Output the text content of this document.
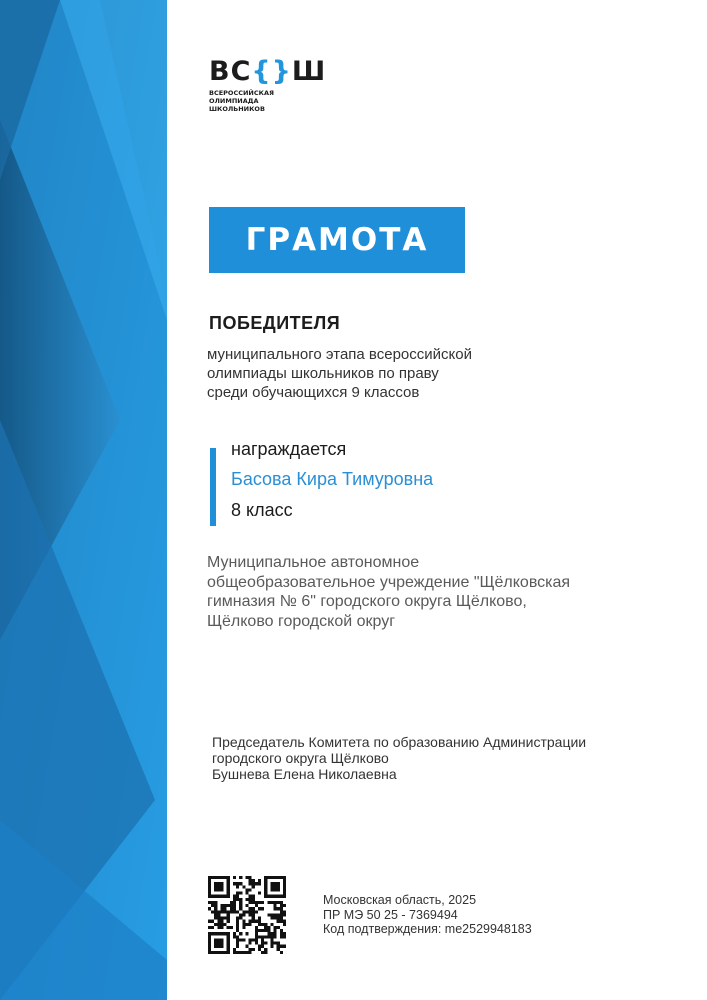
ВС{}Ш
ВСЕРОССИЙСКАЯ
ОЛИМПИАДА
ШКОЛЬНИКОВ
ГРАМОТА
ПОБЕДИТЕЛЯ
муниципального этапа всероссийской
олимпиады школьников по праву
среди обучающихся 9 классов
награждается
Басова Кира Тимуровна
8 класс
Муниципальное автономное
общеобразовательное учреждение "Щёлковская
гимназия № 6" городского округа Щёлково,
Щёлково городской округ
Председатель Комитета по образованию Администрации
городского округа Щёлково
Бушнева Елена Николаевна
Московская область, 2025
ПР МЭ 50 25 - 7369494
Код подтверждения: me2529948183
